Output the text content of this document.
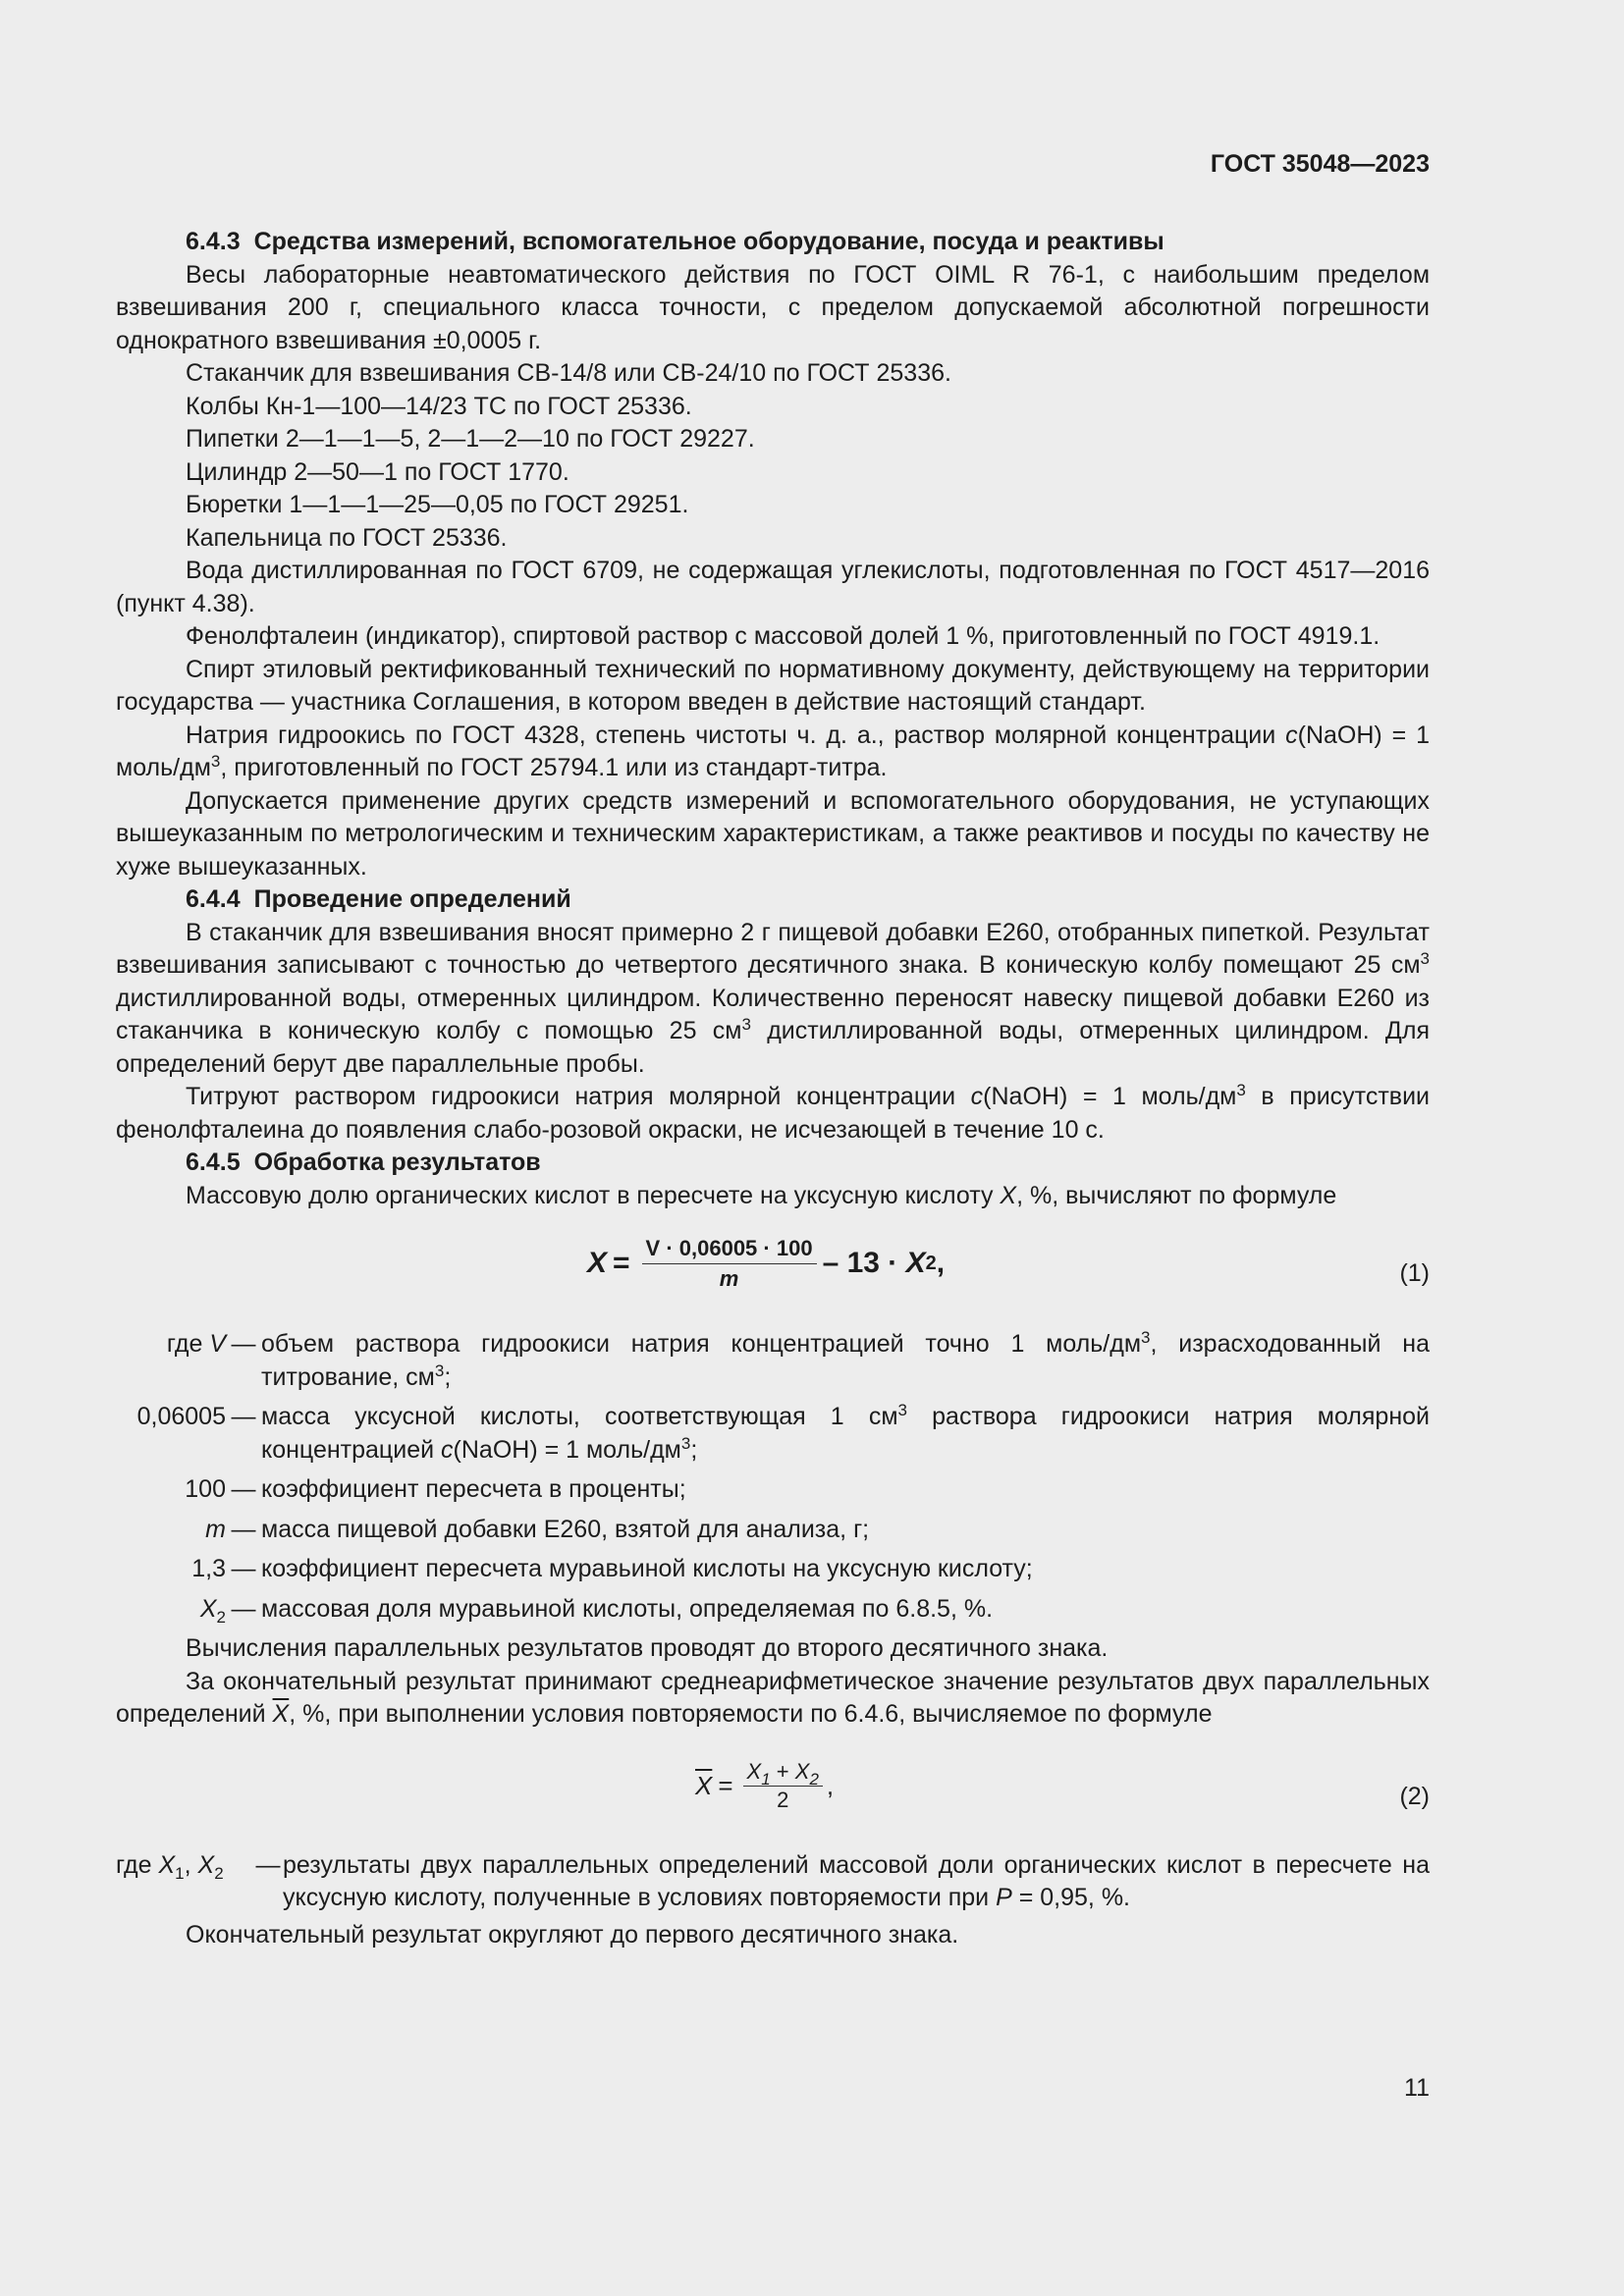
ГОСТ 35048—2023
6.4.3 Средства измерений, вспомогательное оборудование, посуда и реактивы

Весы лабораторные неавтоматического действия по ГОСТ OIML R 76-1, с наибольшим пределом взвешивания 200 г, специального класса точности, с пределом допускаемой абсолютной погрешности однократного взвешивания ±0,0005 г.

Стаканчик для взвешивания СВ-14/8 или СВ-24/10 по ГОСТ 25336.

Колбы Кн-1—100—14/23 ТС по ГОСТ 25336.

Пипетки 2—1—1—5, 2—1—2—10 по ГОСТ 29227.

Цилиндр 2—50—1 по ГОСТ 1770.

Бюретки 1—1—1—25—0,05 по ГОСТ 29251.

Капельница по ГОСТ 25336.

Вода дистиллированная по ГОСТ 6709, не содержащая углекислоты, подготовленная по ГОСТ 4517—2016 (пункт 4.38).

Фенолфталеин (индикатор), спиртовой раствор с массовой долей 1 %, приготовленный по ГОСТ 4919.1.

Спирт этиловый ректификованный технический по нормативному документу, действующему на территории государства — участника Соглашения, в котором введен в действие настоящий стандарт.

Натрия гидроокись по ГОСТ 4328, степень чистоты ч. д. а., раствор молярной концентрации c(NaOH) = 1 моль/$дм^3$, приготовленный по ГОСТ 25794.1 или из стандарт-титра.

Допускается применение других средств измерений и вспомогательного оборудования, не уступающих вышеуказанным по метрологическим и техническим характеристикам, а также реактивов и посуды по качеству не хуже вышеуказанных.

6.4.4 Проведение определений

В стаканчик для взвешивания вносят примерно 2 г пищевой добавки Е260, отобранных пипеткой. Результат взвешивания записывают с точностью до четвертого десятичного знака. В коническую колбу помещают 25 $см^3$ дистиллированной воды, отмеренных цилиндром. Количественно переносят навеску пищевой добавки Е260 из стаканчика в коническую колбу с помощью 25 $см^3$ дистиллированной воды, отмеренных цилиндром. Для определений берут две параллельные пробы.

Титруют раствором гидроокиси натрия молярной концентрации c(NaOH) = 1 моль/$дм^3$ в присутствии фенолфталеина до появления слабо-розовой окраски, не исчезающей в течение 10 с.

6.4.5 Обработка результатов

Массовую долю органических кислот в пересчете на уксусную кислоту X, %, вычисляют по формуле

$X = \frac{V \cdot 0,06005 \cdot 100}{m} - 13 \cdot X$ 2 ,	(1)
где V — объем раствора гидроокиси натрия концентрацией точно 1 моль/$дм^3$, израсходованный на титрование, $см^3$;
0,06005 — масса уксусной кислоты, соответствующая 1 $см^3$ раствора гидроокиси натрия молярной концентрацией c(NaOH) = 1 моль/$дм^3$;
100 — коэффициент пересчета в проценты;
m — масса пищевой добавки Е260, взятой для анализа, г;
1,3 — коэффициент пересчета муравьиной кислоты на уксусную кислоту;
$X_2$ — массовая доля муравьиной кислоты, определяемая по 6.8.5, %.

Вычисления параллельных результатов проводят до второго десятичного знака.

За окончательный результат принимают среднеарифметическое значение результатов двух параллельных определений $\overline{X}$, %, при выполнении условия повторяемости по 6.4.6, вычисляемое по формуле

$\overline{X} = \frac{X_1 + X_2}{2}$ ,	(2)
где $X_1$, $X_2$	— результаты двух параллельных определений массовой доли органических кислот в пересчете на уксусную кислоту, полученные в условиях повторяемости при P = 0,95, %.

Окончательный результат округляют до первого десятичного знака.

11
